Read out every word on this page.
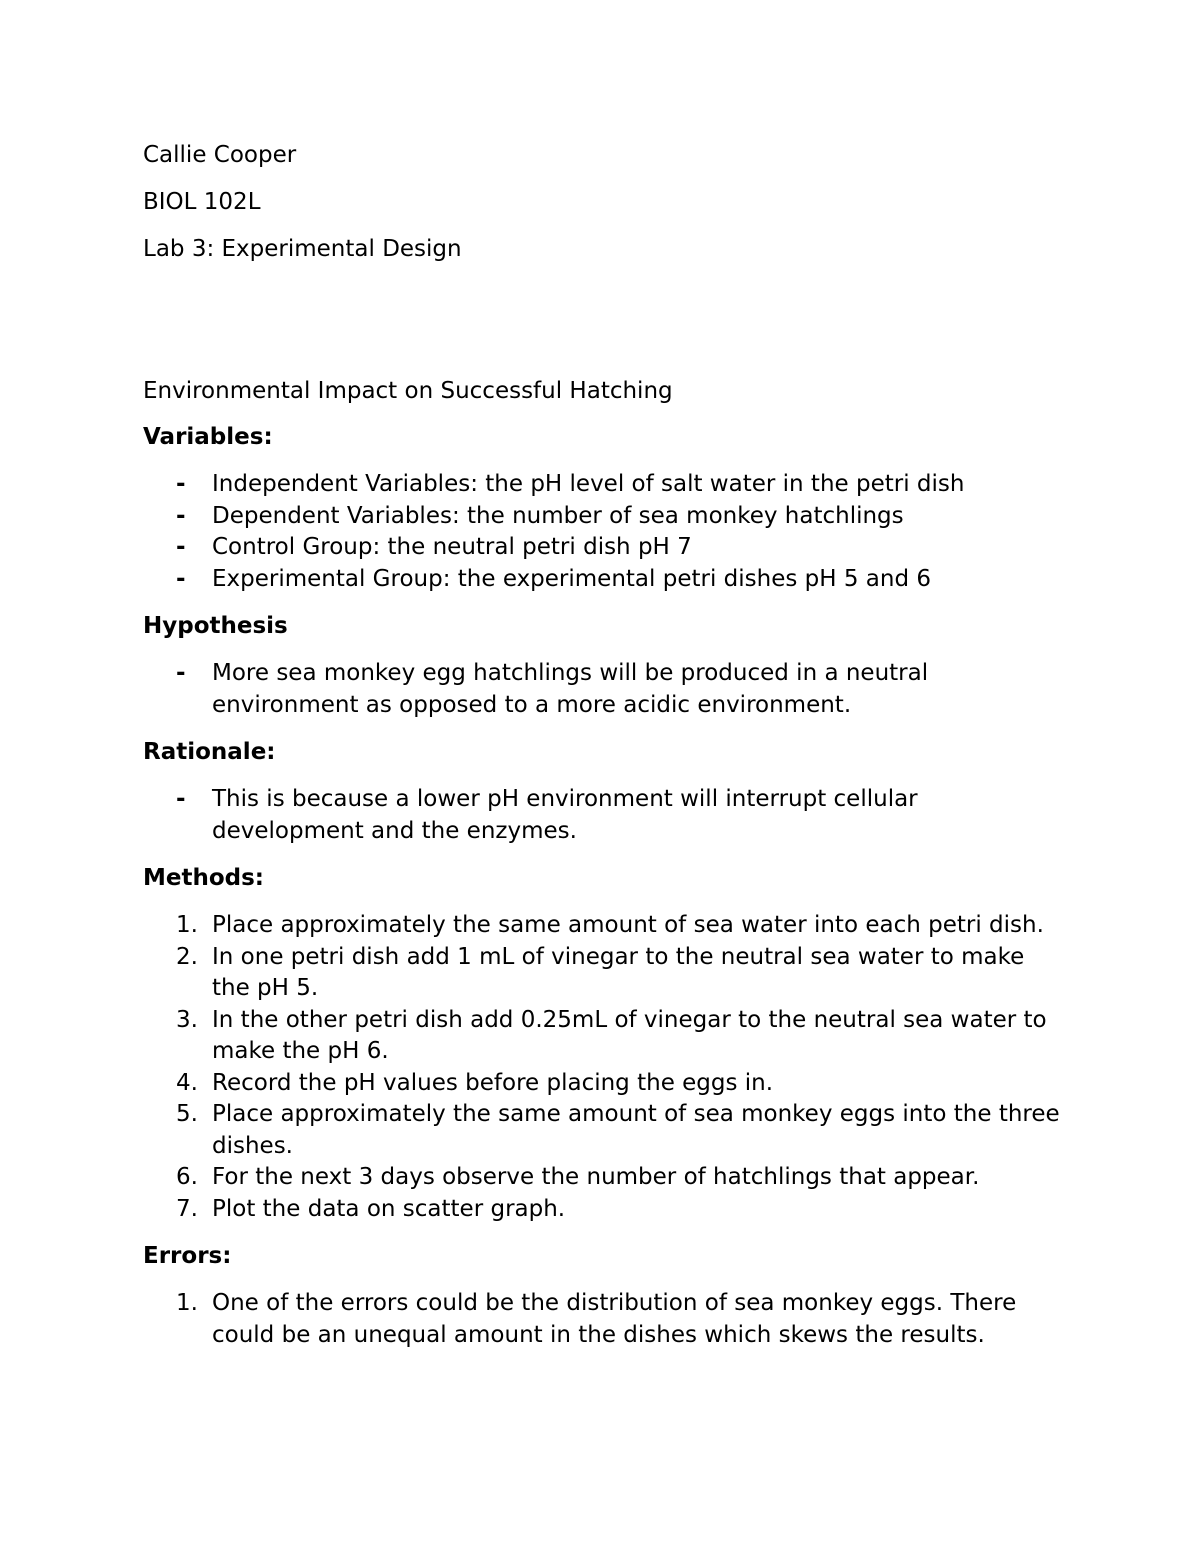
Callie Cooper

BIOL 102L

Lab 3: Experimental Design

Environmental Impact on Successful Hatching

Variables:

- Independent Variables: the pH level of salt water in the petri dish
- Dependent Variables: the number of sea monkey hatchlings
- Control Group: the neutral petri dish pH 7
- Experimental Group: the experimental petri dishes pH 5 and 6

Hypothesis

- More sea monkey egg hatchlings will be produced in a neutral environment as opposed to a more acidic environment.

Rationale:

- This is because a lower pH environment will interrupt cellular development and the enzymes.

Methods:

1. Place approximately the same amount of sea water into each petri dish.
2. In one petri dish add 1 mL of vinegar to the neutral sea water to make the pH 5.
3. In the other petri dish add 0.25mL of vinegar to the neutral sea water to make the pH 6.
4. Record the pH values before placing the eggs in.
5. Place approximately the same amount of sea monkey eggs into the three dishes.
6. For the next 3 days observe the number of hatchlings that appear.
7. Plot the data on scatter graph.

Errors:

1. One of the errors could be the distribution of sea monkey eggs. There could be an unequal amount in the dishes which skews the results.
